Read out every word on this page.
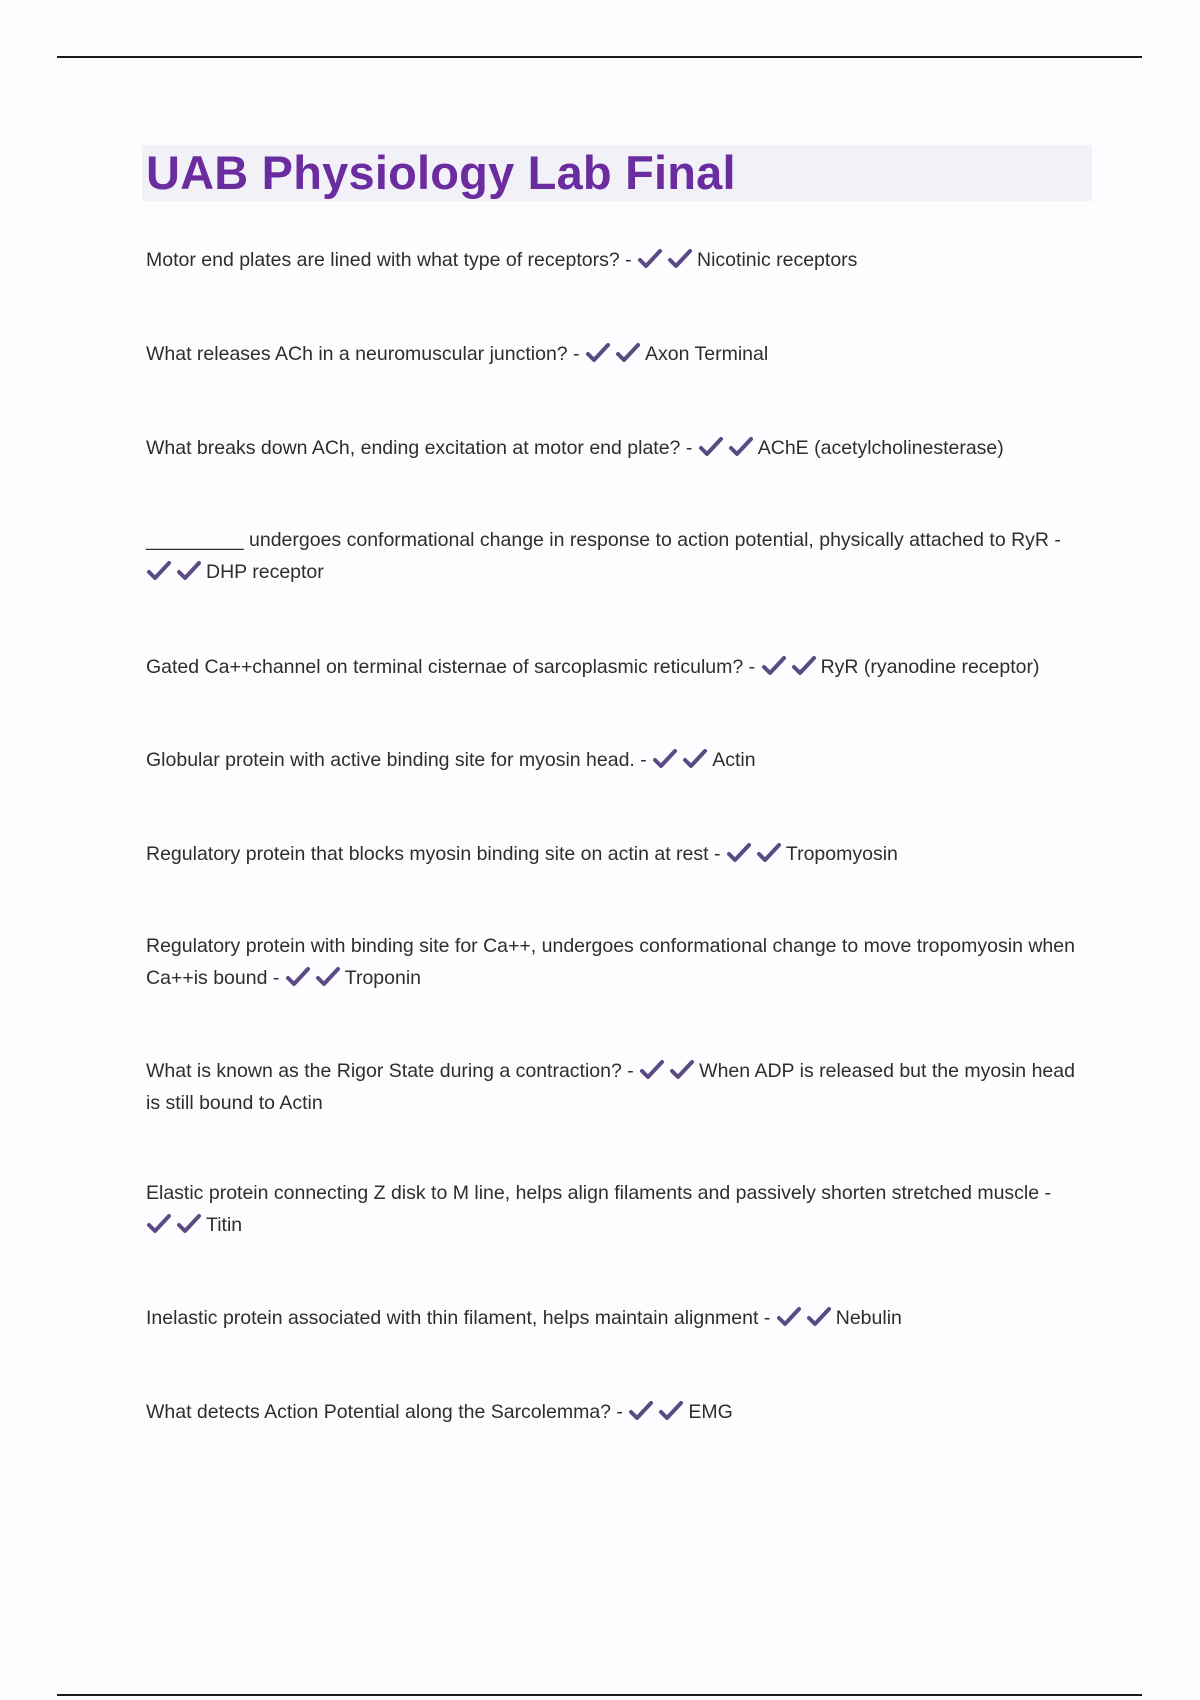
UAB Physiology Lab Final
Motor end plates are lined with what type of receptors? -	Nicotinic receptors
What releases ACh in a neuromuscular junction? -	Axon Terminal
What breaks down ACh, ending excitation at motor end plate? -	AChE (acetylcholinesterase)
_________ undergoes conformational change in response to action potential, physically attached to RyR -
DHP receptor
Gated Ca++channel on terminal cisternae of sarcoplasmic reticulum? -	RyR (ryanodine receptor)
Globular protein with active binding site for myosin head. -	Actin
Regulatory protein that blocks myosin binding site on actin at rest -	Tropomyosin
Regulatory protein with binding site for Ca++, undergoes conformational change to move tropomyosin when Ca++is bound -	Troponin
What is known as the Rigor State during a contraction? -	When ADP is released but the myosin head is still bound to Actin
Elastic protein connecting Z disk to M line, helps align filaments and passively shorten stretched muscle -
Titin
Inelastic protein associated with thin filament, helps maintain alignment -	Nebulin
What detects Action Potential along the Sarcolemma? -	EMG
